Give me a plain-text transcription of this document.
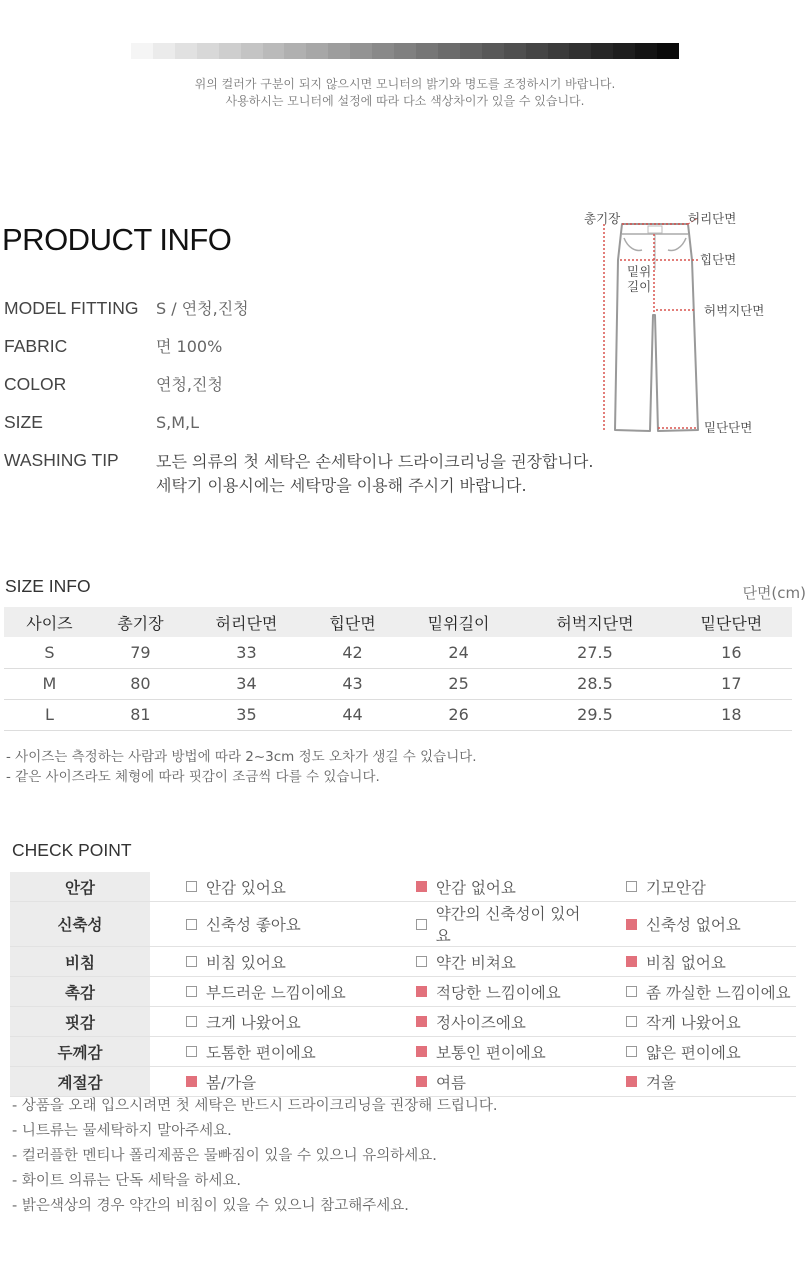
위의 컬러가 구분이 되지 않으시면 모니터의 밝기와 명도를 조정하시기 바랍니다.
사용하시는 모니터에 설정에 따라 다소 색상차이가 있을 수 있습니다.
PRODUCT INFO
MODEL FITTING	S / 연청,진청
FABRIC	면 100%
COLOR	연청,진청
SIZE	S,M,L
WASHING TIP	모든 의류의 첫 세탁은 손세탁이나 드라이크리닝을 권장합니다.
세탁기 이용시에는 세탁망을 이용해 주시기 바랍니다.
총기장	허리단면
힙단면
밑위
길이
허벅지단면
밑단단면
SIZE INFO	단면(cm)
사이즈	총기장	허리단면	힙단면	밑위길이	허벅지단면	밑단단면
S	79	33	42	24	27.5	16
M	80	34	43	25	28.5	17
L	81	35	44	26	29.5	18
- 사이즈는 측정하는 사람과 방법에 따라 2~3cm 정도 오차가 생길 수 있습니다.
- 같은 사이즈라도 체형에 따라 핏감이 조금씩 다를 수 있습니다.
CHECK POINT
안감	안감 있어요	안감 없어요	기모안감

신축성	신축성 좋아요	약간의 신축성이 있어요	신축성 없어요

비침	비침 있어요	약간 비쳐요	비침 없어요

촉감	부드러운 느낌이에요	적당한 느낌이에요	좀 까실한 느낌이에요

핏감	크게 나왔어요	정사이즈에요	작게 나왔어요

두께감	도톰한 편이에요	보통인 편이에요	얇은 편이에요

계절감	봄/가을	여름	겨울
- 상품을 오래 입으시려면 첫 세탁은 반드시 드라이크리닝을 권장해 드립니다.
- 니트류는 물세탁하지 말아주세요.
- 컬러플한 멘티나 폴리제품은 물빠짐이 있을 수 있으니 유의하세요.
- 화이트 의류는 단독 세탁을 하세요.
- 밝은색상의 경우 약간의 비침이 있을 수 있으니 참고해주세요.
